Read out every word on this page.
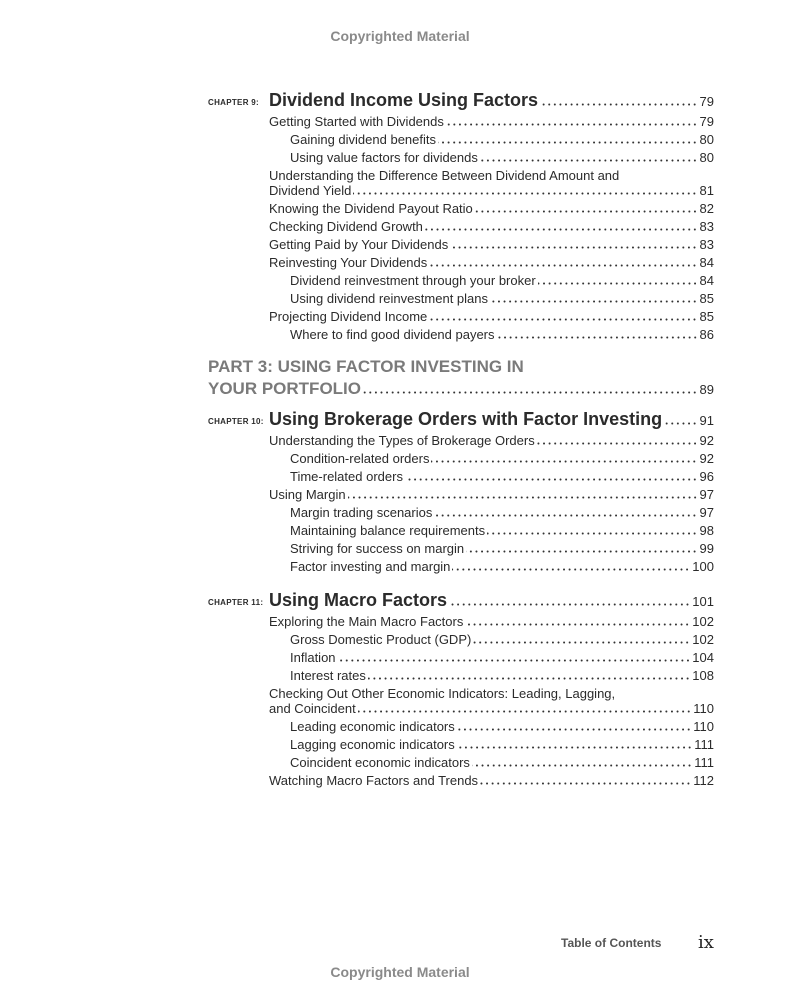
Copyrighted Material
CHAPTER 9: Dividend Income Using Factors	79
Getting Started with Dividends	79
Gaining dividend benefits	80
Using value factors for dividends	80
Understanding the Difference Between Dividend Amount and
Dividend Yield	81
Knowing the Dividend Payout Ratio	82
Checking Dividend Growth	83
Getting Paid by Your Dividends	83
Reinvesting Your Dividends	84
Dividend reinvestment through your broker	84
Using dividend reinvestment plans	85
Projecting Dividend Income	85
Where to find good dividend payers	86
PART 3: USING FACTOR INVESTING IN
YOUR PORTFOLIO	89
CHAPTER 10: Using Brokerage Orders with Factor Investing	91
Understanding the Types of Brokerage Orders	92
Condition-related orders	92
Time-related orders	96
Using Margin	97
Margin trading scenarios	97
Maintaining balance requirements	98
Striving for success on margin	99
Factor investing and margin	100
CHAPTER 11: Using Macro Factors	101
Exploring the Main Macro Factors	102
Gross Domestic Product (GDP)	102
Inflation	104
Interest rates	108
Checking Out Other Economic Indicators: Leading, Lagging,
and Coincident	110
Leading economic indicators	110
Lagging economic indicators	111
Coincident economic indicators	111
Watching Macro Factors and Trends	112
Table of Contents ix
Copyrighted Material
